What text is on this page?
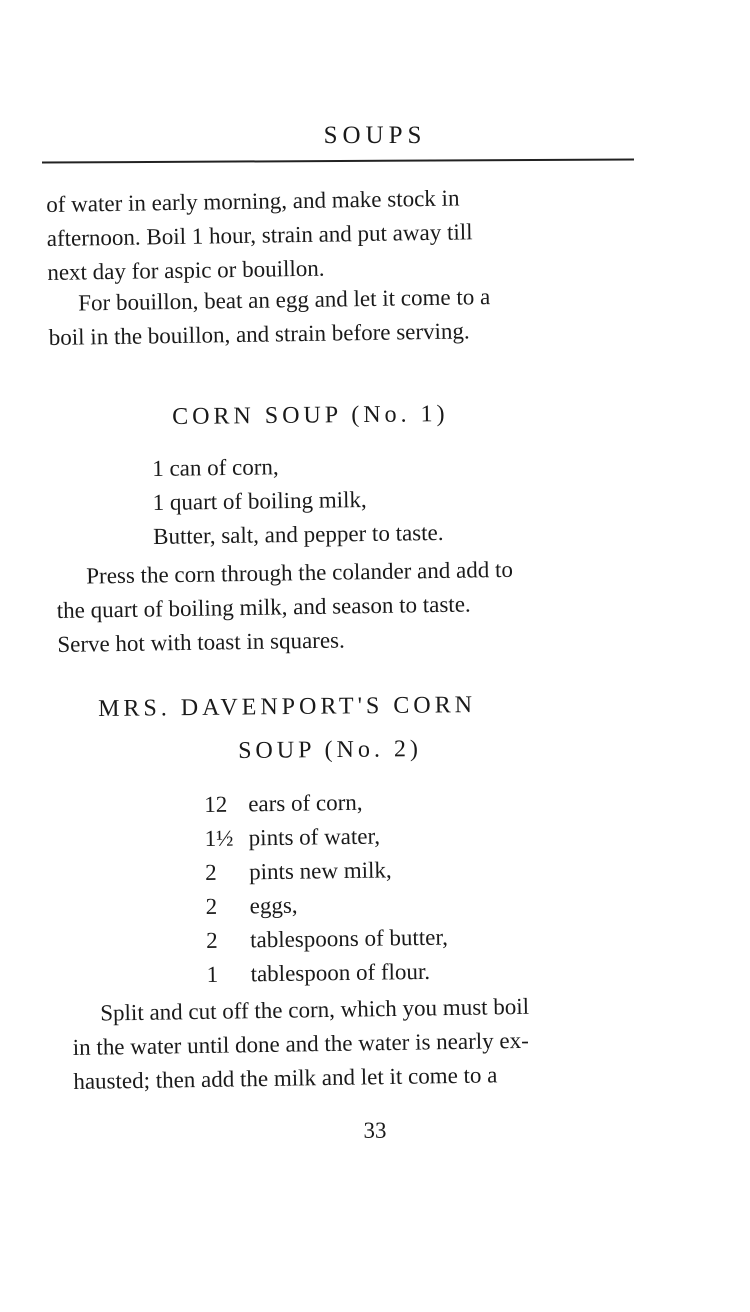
SOUPS

of water in early morning, and make stock in
afternoon. Boil 1 hour, strain and put away till
next day for aspic or bouillon.

For bouillon, beat an egg and let it come to a
boil in the bouillon, and strain before serving.

CORN SOUP (No. 1)
1 can of corn,
1 quart of boiling milk,
Butter, salt, and pepper to taste.

Press the corn through the colander and add to
the quart of boiling milk, and season to taste.
Serve hot with toast in squares.

MRS. DAVENPORT'S CORN
SOUP (No. 2)
12 ears of corn,
1½ pints of water,
2 pints new milk,
2 eggs,
2 tablespoons of butter,
1 tablespoon of flour.

Split and cut off the corn, which you must boil
in the water until done and the water is nearly ex-
hausted; then add the milk and let it come to a

33
